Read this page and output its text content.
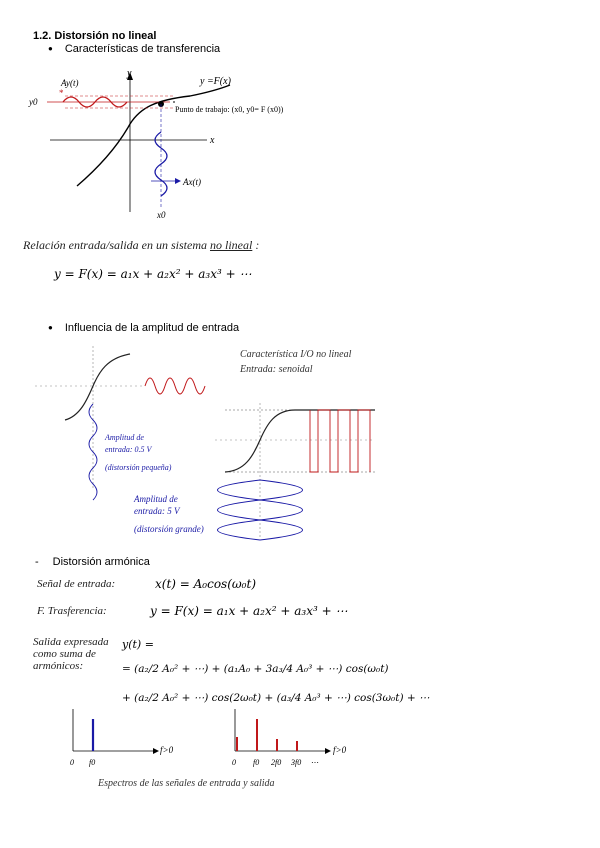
1.2. Distorsión no lineal
● Características de transferencia
y
x
y =F(x)
y0
Ay(t)
*
Punto de trabajo: (x0, y0= F (x0))
Ax(t)
x0
Relación entrada/salida en un sistema no lineal :
y = F(x) = a₁x + a₂x² + a₃x³ + ⋯
● Influencia de la amplitud de entrada
Amplitud de
entrada: 0.5 V
(distorsión pequeña)
Característica I/O no lineal
Entrada: senoidal
Amplitud de
entrada: 5 V
(distorsión grande)
- Distorsión armónica
Señal de entrada:	x(t) = A₀cos(ω₀t)
F. Trasferencia:	y = F(x) = a₁x + a₂x² + a₃x³ + ⋯
Salida expresada
como suma de
armónicos:
y(t) =
= (a₂/2 A₀² + ⋯) + (a₁A₀ + 3a₃/4 A₀³ + ⋯) cos(ω₀t)
+ (a₂/2 A₀² + ⋯) cos(2ω₀t) + (a₃/4 A₀³ + ⋯) cos(3ω₀t) + ⋯
f>0
0 f0
f>0
0 f0 2f0 3f0 ⋯
Espectros de las señales de entrada y salida
